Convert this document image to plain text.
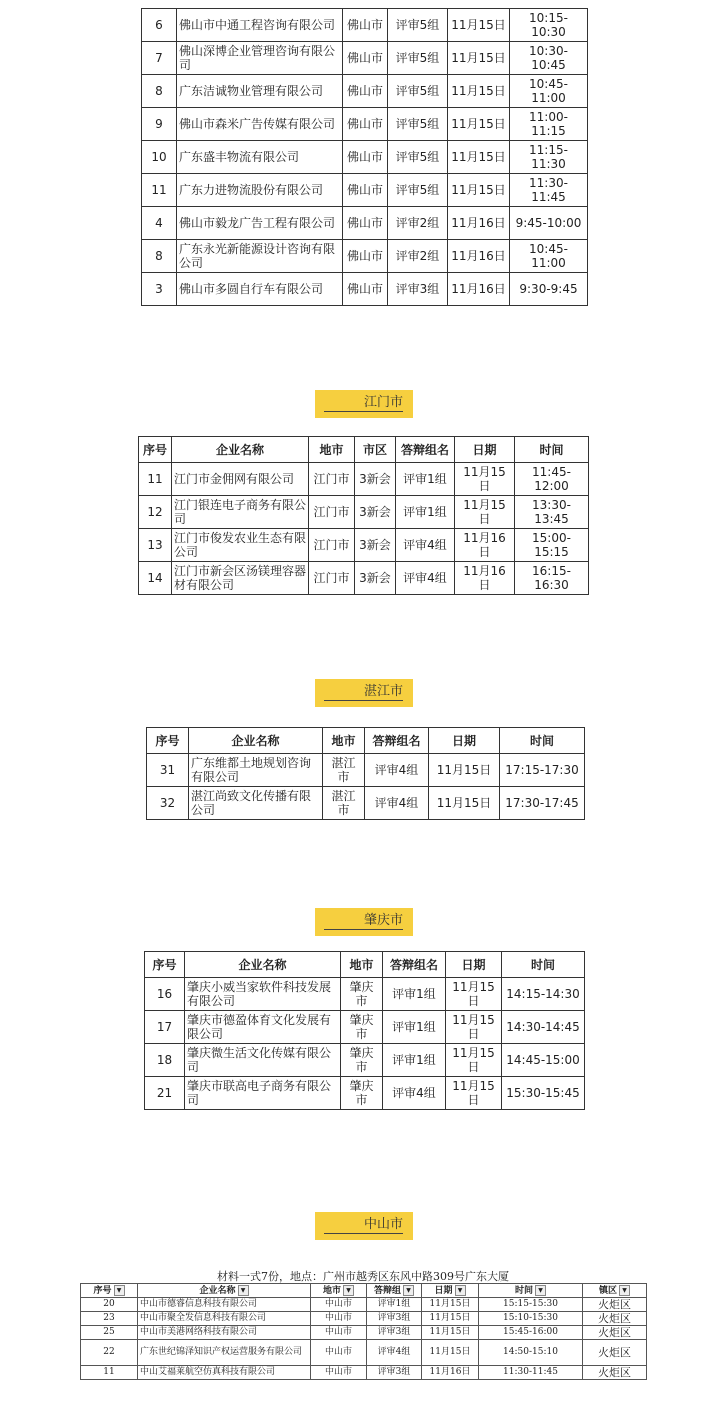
6	佛山市中通工程咨询有限公司	佛山市	评审5组	11月15日	10:15-10:30
7	佛山深博企业管理咨询有限公司	佛山市	评审5组	11月15日	10:30-10:45
8	广东洁诚物业管理有限公司	佛山市	评审5组	11月15日	10:45-11:00
9	佛山市森米广告传媒有限公司	佛山市	评审5组	11月15日	11:00-11:15
10	广东盛丰物流有限公司	佛山市	评审5组	11月15日	11:15-11:30
11	广东力进物流股份有限公司	佛山市	评审5组	11月15日	11:30-11:45
4	佛山市毅龙广告工程有限公司	佛山市	评审2组	11月16日	9:45-10:00
8	广东永光新能源设计咨询有限公司	佛山市	评审2组	11月16日	10:45-11:00
3	佛山市多圆自行车有限公司	佛山市	评审3组	11月16日	9:30-9:45
江门市
序号	企业名称	地市	市区	答辩组名	日期	时间
11	江门市金佣网有限公司	江门市	3新会	评审1组	11月15日	11:45-12:00
12	江门银连电子商务有限公司	江门市	3新会	评审1组	11月15日	13:30-13:45
13	江门市俊发农业生态有限公司	江门市	3新会	评审4组	11月16日	15:00-15:15
14	江门市新会区汤镁理容器材有限公司	江门市	3新会	评审4组	11月16日	16:15-16:30
湛江市
序号	企业名称	地市	答辩组名	日期	时间
31	广东维都土地规划咨询有限公司	湛江市	评审4组	11月15日	17:15-17:30
32	湛江尚致文化传播有限公司	湛江市	评审4组	11月15日	17:30-17:45
肇庆市
序号	企业名称	地市	答辩组名	日期	时间
16	肇庆小威当家软件科技发展有限公司	肇庆市	评审1组	11月15日	14:15-14:30
17	肇庆市德盈体育文化发展有限公司	肇庆市	评审1组	11月15日	14:30-14:45
18	肇庆微生活文化传媒有限公司	肇庆市	评审1组	11月15日	14:45-15:00
21	肇庆市联高电子商务有限公司	肇庆市	评审4组	11月15日	15:30-15:45
中山市
材料一式7份，地点：广州市越秀区东风中路309号广东大厦
序号 ▼	企业名称 ▼	地市 ▼	答辩组 ▼	日期 ▼	时间 ▼	镇区 ▼
20	中山市德睿信息科技有限公司	中山市	评审1组	11月15日	15:15-15:30	火炬区
23	中山市聚全发信息科技有限公司	中山市	评审3组	11月15日	15:10-15:30	火炬区
25	中山市美港网络科技有限公司	中山市	评审3组	11月15日	15:45-16:00	火炬区
22	广东世纪锦泽知识产权运营服务有限公司	中山市	评审4组	11月15日	14:50-15:10	火炬区
11	中山艾福莱航空仿真科技有限公司	中山市	评审3组	11月16日	11:30-11:45	火炬区
